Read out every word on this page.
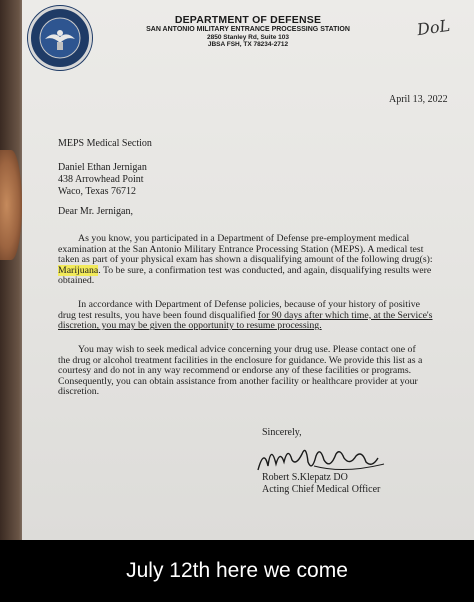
DEPARTMENT OF DEFENSE
SAN ANTONIO MILITARY ENTRANCE PROCESSING STATION
2850 Stanley Rd, Suite 103
JBSA FSH, TX 78234-2712
DoL
April 13, 2022
MEPS Medical Section
Daniel Ethan Jernigan
438 Arrowhead Point
Waco, Texas 76712
Dear Mr. Jernigan,
As you know, you participated in a Department of Defense pre-employment medical
examination at the San Antonio Military Entrance Processing Station (MEPS). A medical test
taken as part of your physical exam has shown a disqualifying amount of the following drug(s):
Marijuana. To be sure, a confirmation test was conducted, and again, disqualifying results were
obtained.
In accordance with Department of Defense policies, because of your history of positive
drug test results, you have been found disqualified for 90 days after which time, at the Service's
discretion, you may be given the opportunity to resume processing.
You may wish to seek medical advice concerning your drug use. Please contact one of
the drug or alcohol treatment facilities in the enclosure for guidance. We provide this list as a
courtesy and do not in any way recommend or endorse any of these facilities or programs.
Consequently, you can obtain assistance from another facility or healthcare provider at your
discretion.
Sincerely,
Robert S.Klepatz DO
Acting Chief Medical Officer
July 12th here we come
